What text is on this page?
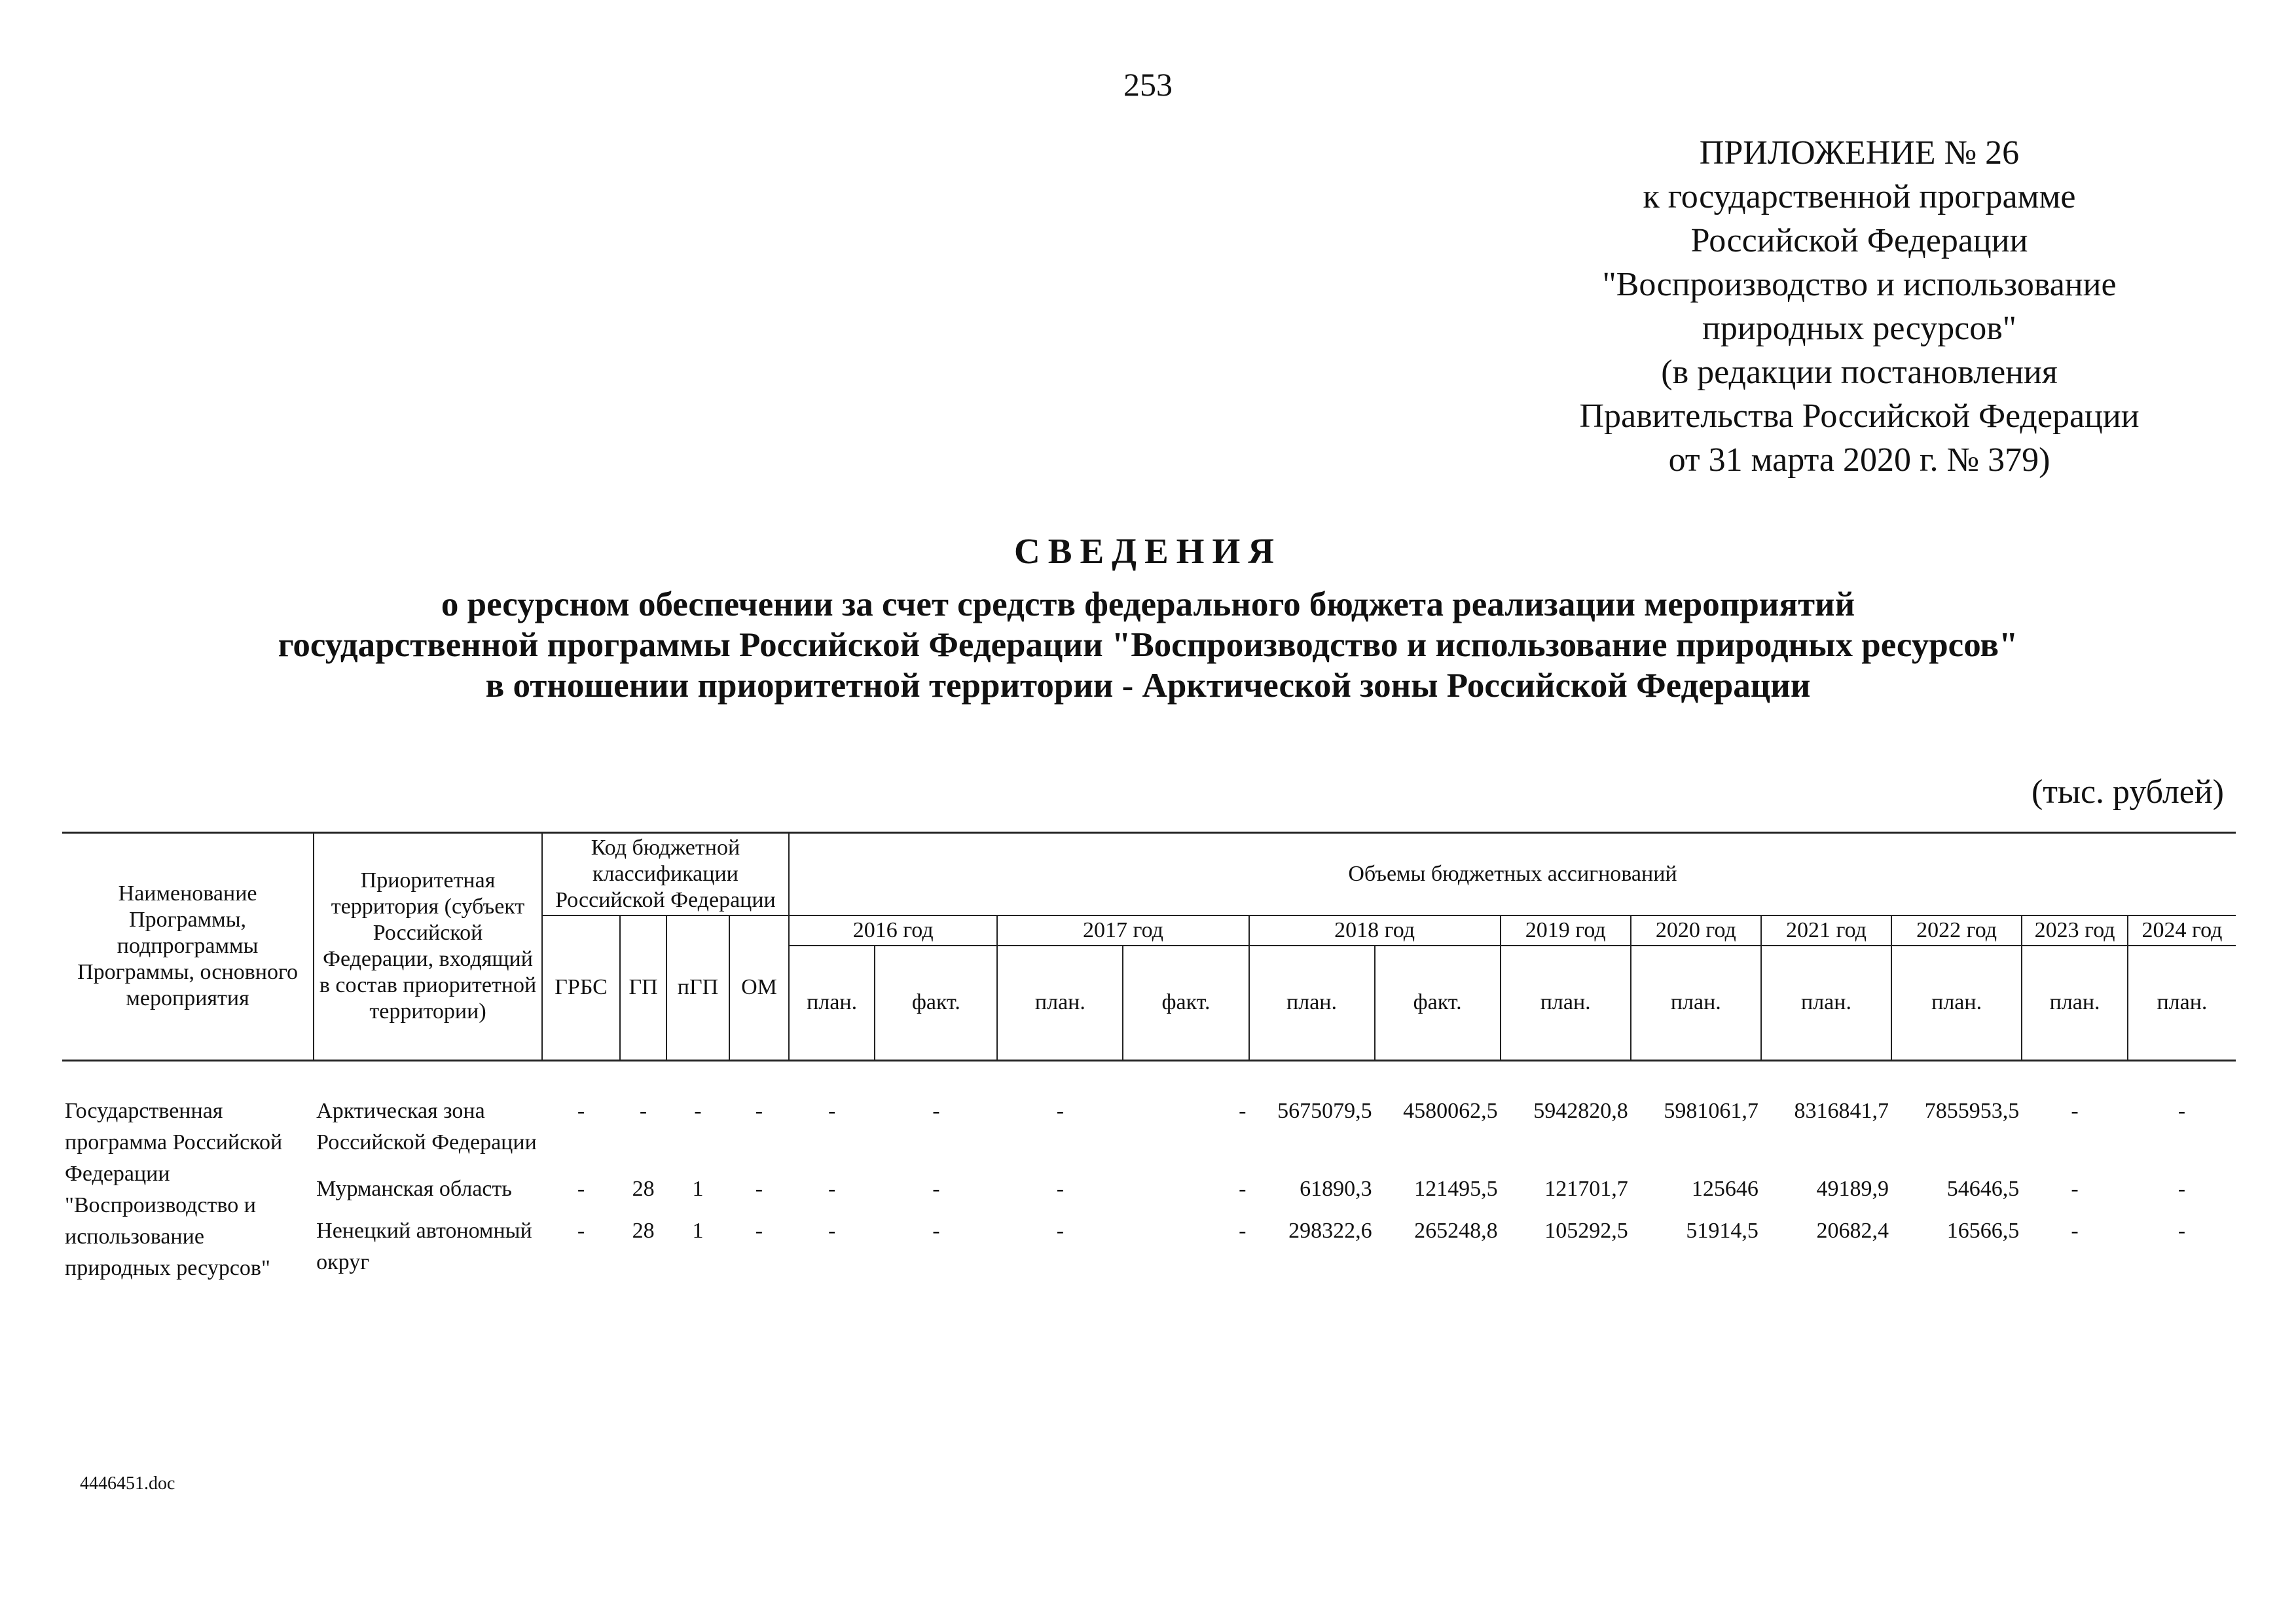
253
ПРИЛОЖЕНИЕ № 26
к государственной программе
Российской Федерации
"Воспроизводство и использование
природных ресурсов"
(в редакции постановления
Правительства Российской Федерации
от 31 марта 2020 г. № 379)
СВЕДЕНИЯ
о ресурсном обеспечении за счет средств федерального бюджета реализации мероприятий
государственной программы Российской Федерации "Воспроизводство и использование природных ресурсов"
в отношении приоритетной территории - Арктической зоны Российской Федерации
(тыс. рублей)
Наименование Программы, подпрограммы Программы, основного мероприятия	Приоритетная территория (субъект Российской Федерации, входящий в состав приоритетной территории)	Код бюджетной классификации Российской Федерации				Объемы бюджетных ассигнований											
		ГРБС	ГП	пГП	ОМ	2016 год		2017 год		2018 год		2019 год	2020 год	2021 год	2022 год	2023 год	2024 год
						план.	факт.	план.	факт.	план.	факт.	план.	план.	план.	план.	план.	план.
Государственная программа Российской Федерации "Воспроизводство и использование природных ресурсов"	Арктическая зона Российской Федерации	-	-	-	-	-	-	-	-	5675079,5	4580062,5	5942820,8	5981061,7	8316841,7	7855953,5	-	-
	Мурманская область	-	28	1	-	-	-	-	-	61890,3	121495,5	121701,7	125646	49189,9	54646,5	-	-
	Ненецкий автономный округ	-	28	1	-	-	-	-	-	298322,6	265248,8	105292,5	51914,5	20682,4	16566,5	-	-
4446451.doc
